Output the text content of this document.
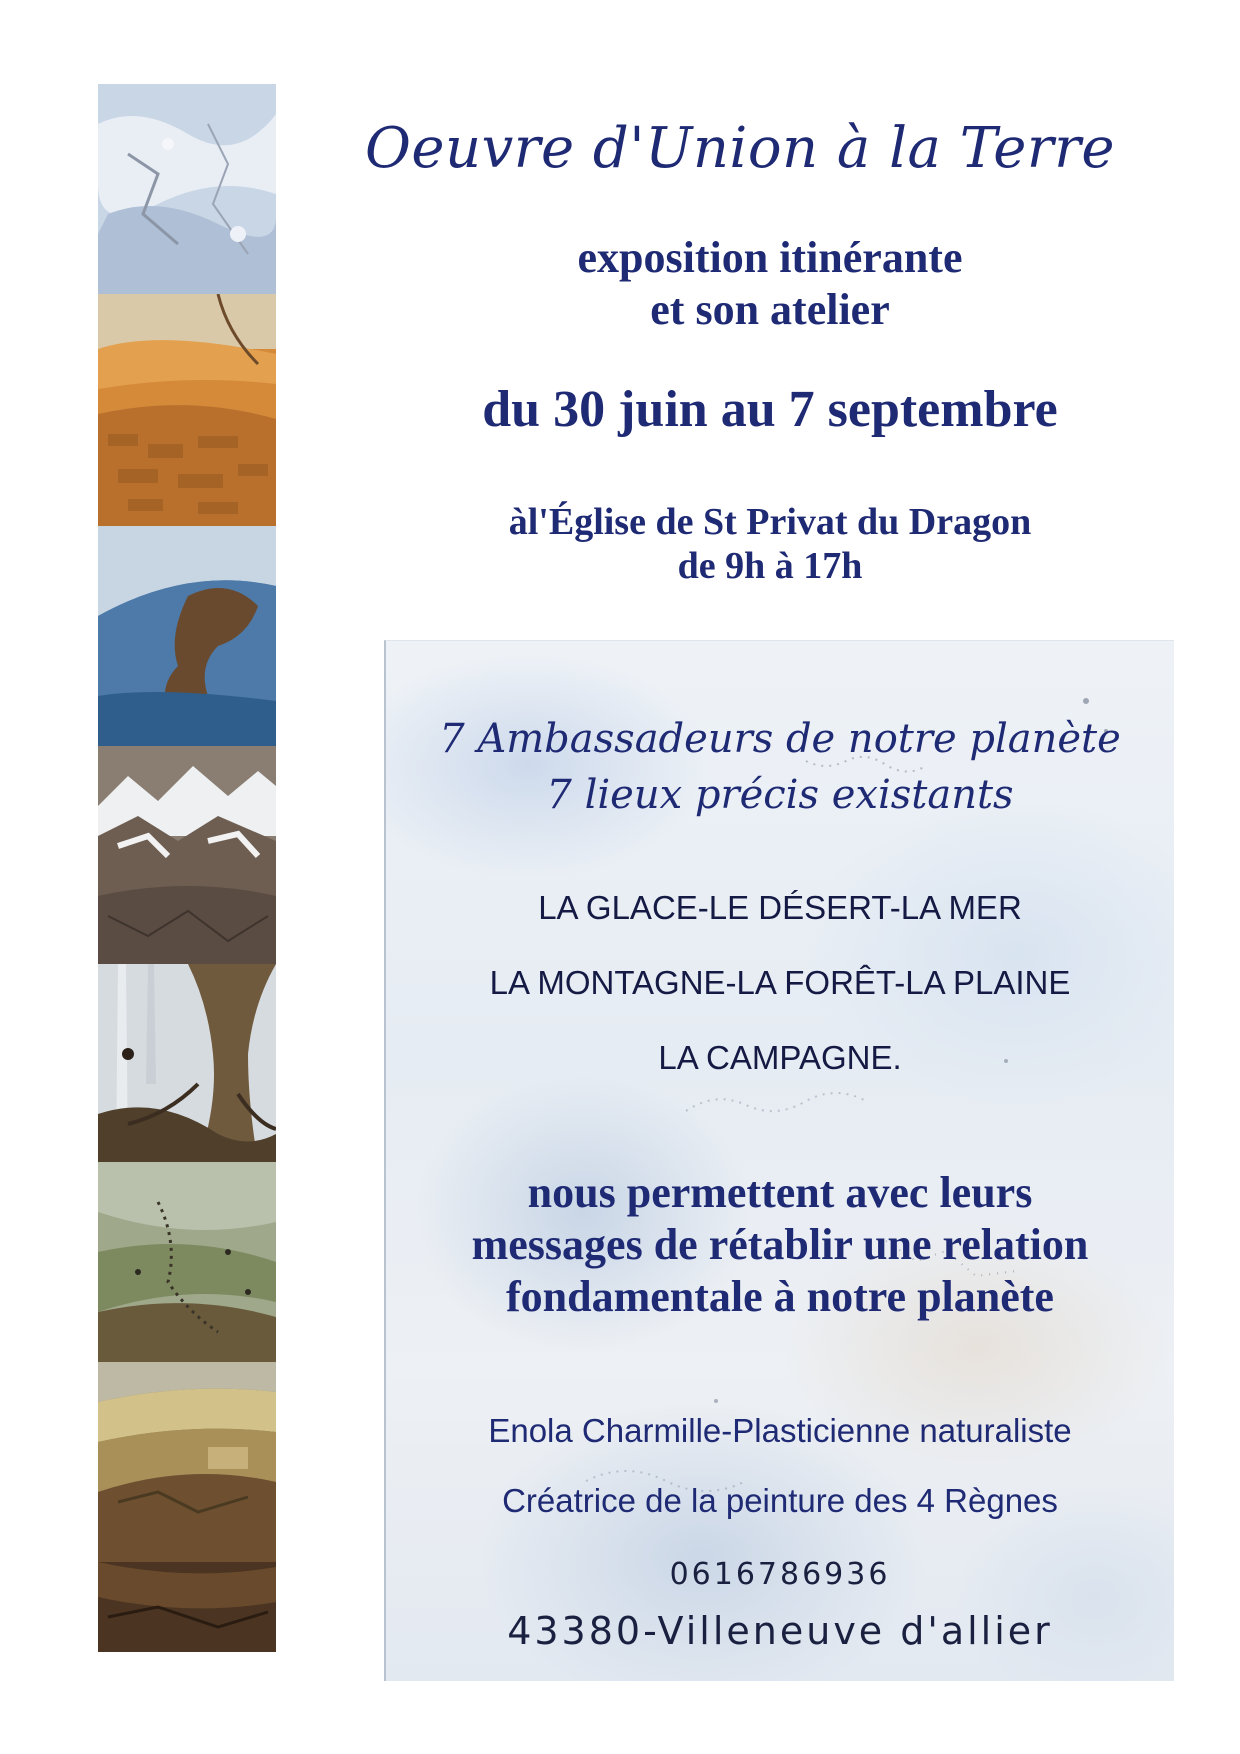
Oeuvre d'Union à la Terre
exposition itinérante
et son atelier
du 30 juin au 7 septembre
àl'Église de St Privat du Dragon
de 9h à 17h
7 Ambassadeurs de notre planète
7 lieux précis existants
LA GLACE-LE DÉSERT-LA MER
LA MONTAGNE-LA FORÊT-LA PLAINE
LA CAMPAGNE.
nous permettent avec leurs
messages de rétablir une relation
fondamentale à notre planète
Enola Charmille-Plasticienne naturaliste
Créatrice de la peinture des 4 Règnes
0616786936
43380-Villeneuve d'allier
